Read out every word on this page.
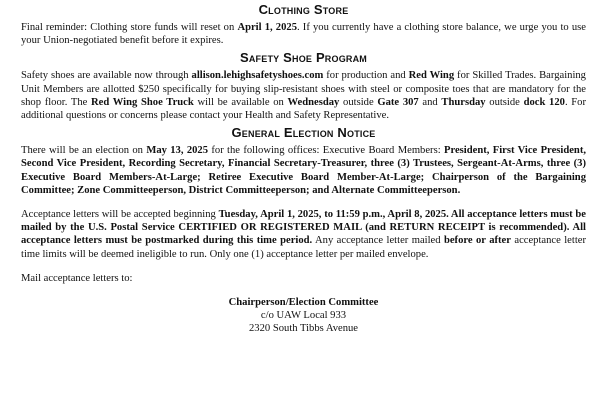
Clothing Store

Final reminder: Clothing store funds will reset on April 1, 2025. If you currently have a clothing store balance, we urge you to use your Union-negotiated benefit before it expires.

Safety Shoe Program

Safety shoes are available now through allison.lehighsafetyshoes.com for production and Red Wing for Skilled Trades. Bargaining Unit Members are allotted $250 specifically for buying slip-resistant shoes with steel or composite toes that are mandatory for the shop floor. The Red Wing Shoe Truck will be available on Wednesday outside Gate 307 and Thursday outside dock 120. For additional questions or concerns please contact your Health and Safety Representative.

General Election Notice

There will be an election on May 13, 2025 for the following offices: Executive Board Members: President, First Vice President, Second Vice President, Recording Secretary, Financial Secretary-Treasurer, three (3) Trustees, Sergeant-At-Arms, three (3) Executive Board Members-At-Large; Retiree Executive Board Member-At-Large; Chairperson of the Bargaining Committee; Zone Committeeperson, District Committeeperson; and Alternate Committeeperson.

Acceptance letters will be accepted beginning Tuesday, April 1, 2025, to 11:59 p.m., April 8, 2025. All acceptance letters must be mailed by the U.S. Postal Service CERTIFIED OR REGISTERED MAIL (and RETURN RECEIPT is recommended). All acceptance letters must be postmarked during this time period. Any acceptance letter mailed before or after acceptance letter time limits will be deemed ineligible to run. Only one (1) acceptance letter per mailed envelope.

Mail acceptance letters to:

Chairperson/Election Committee
c/o UAW Local 933
2320 South Tibbs Avenue
